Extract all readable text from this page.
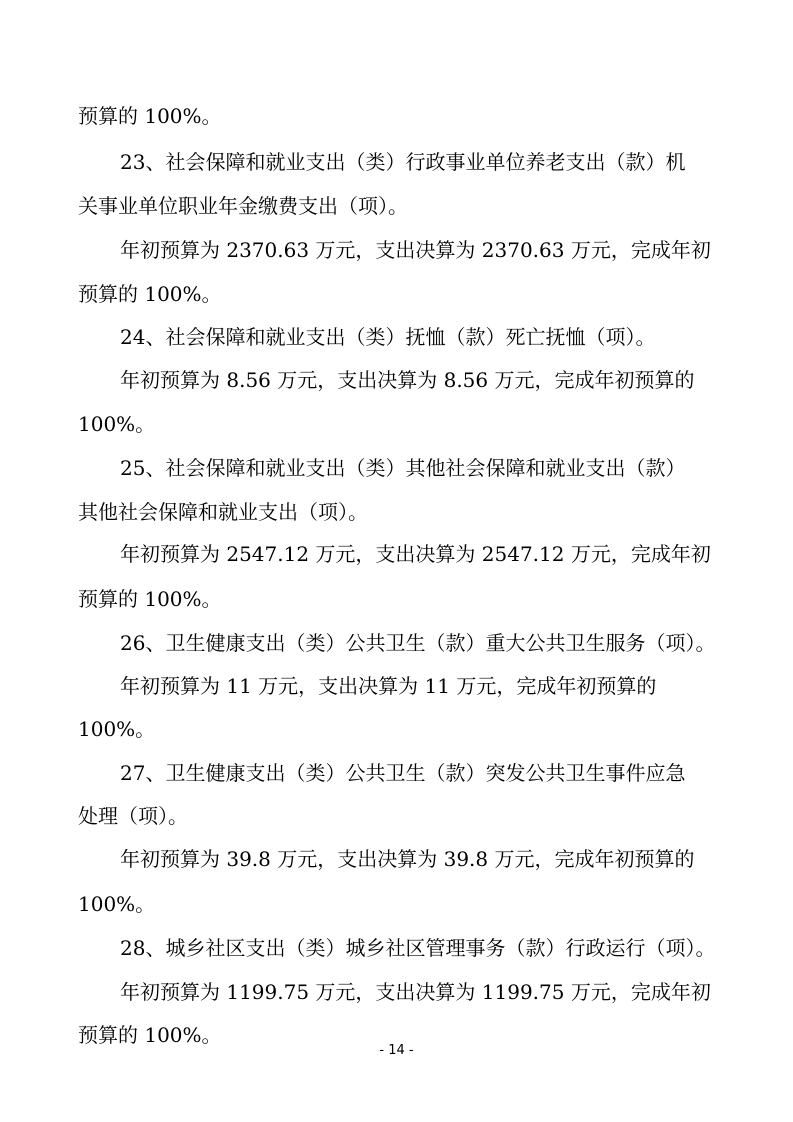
预算的 100%。
23、社会保障和就业支出（类）行政事业单位养老支出（款）机
关事业单位职业年金缴费支出（项）。
年初预算为 2370.63 万元，支出决算为 2370.63 万元，完成年初
预算的 100%。
24、社会保障和就业支出（类）抚恤（款）死亡抚恤（项）。
年初预算为 8.56 万元，支出决算为 8.56 万元，完成年初预算的
100%。
25、社会保障和就业支出（类）其他社会保障和就业支出（款）
其他社会保障和就业支出（项）。
年初预算为 2547.12 万元，支出决算为 2547.12 万元，完成年初
预算的 100%。
26、卫生健康支出（类）公共卫生（款）重大公共卫生服务（项）。
年初预算为 11 万元，支出决算为 11 万元，完成年初预算的
100%。
27、卫生健康支出（类）公共卫生（款）突发公共卫生事件应急
处理（项）。
年初预算为 39.8 万元，支出决算为 39.8 万元，完成年初预算的
100%。
28、城乡社区支出（类）城乡社区管理事务（款）行政运行（项）。
年初预算为 1199.75 万元，支出决算为 1199.75 万元，完成年初
预算的 100%。
- 14 -
